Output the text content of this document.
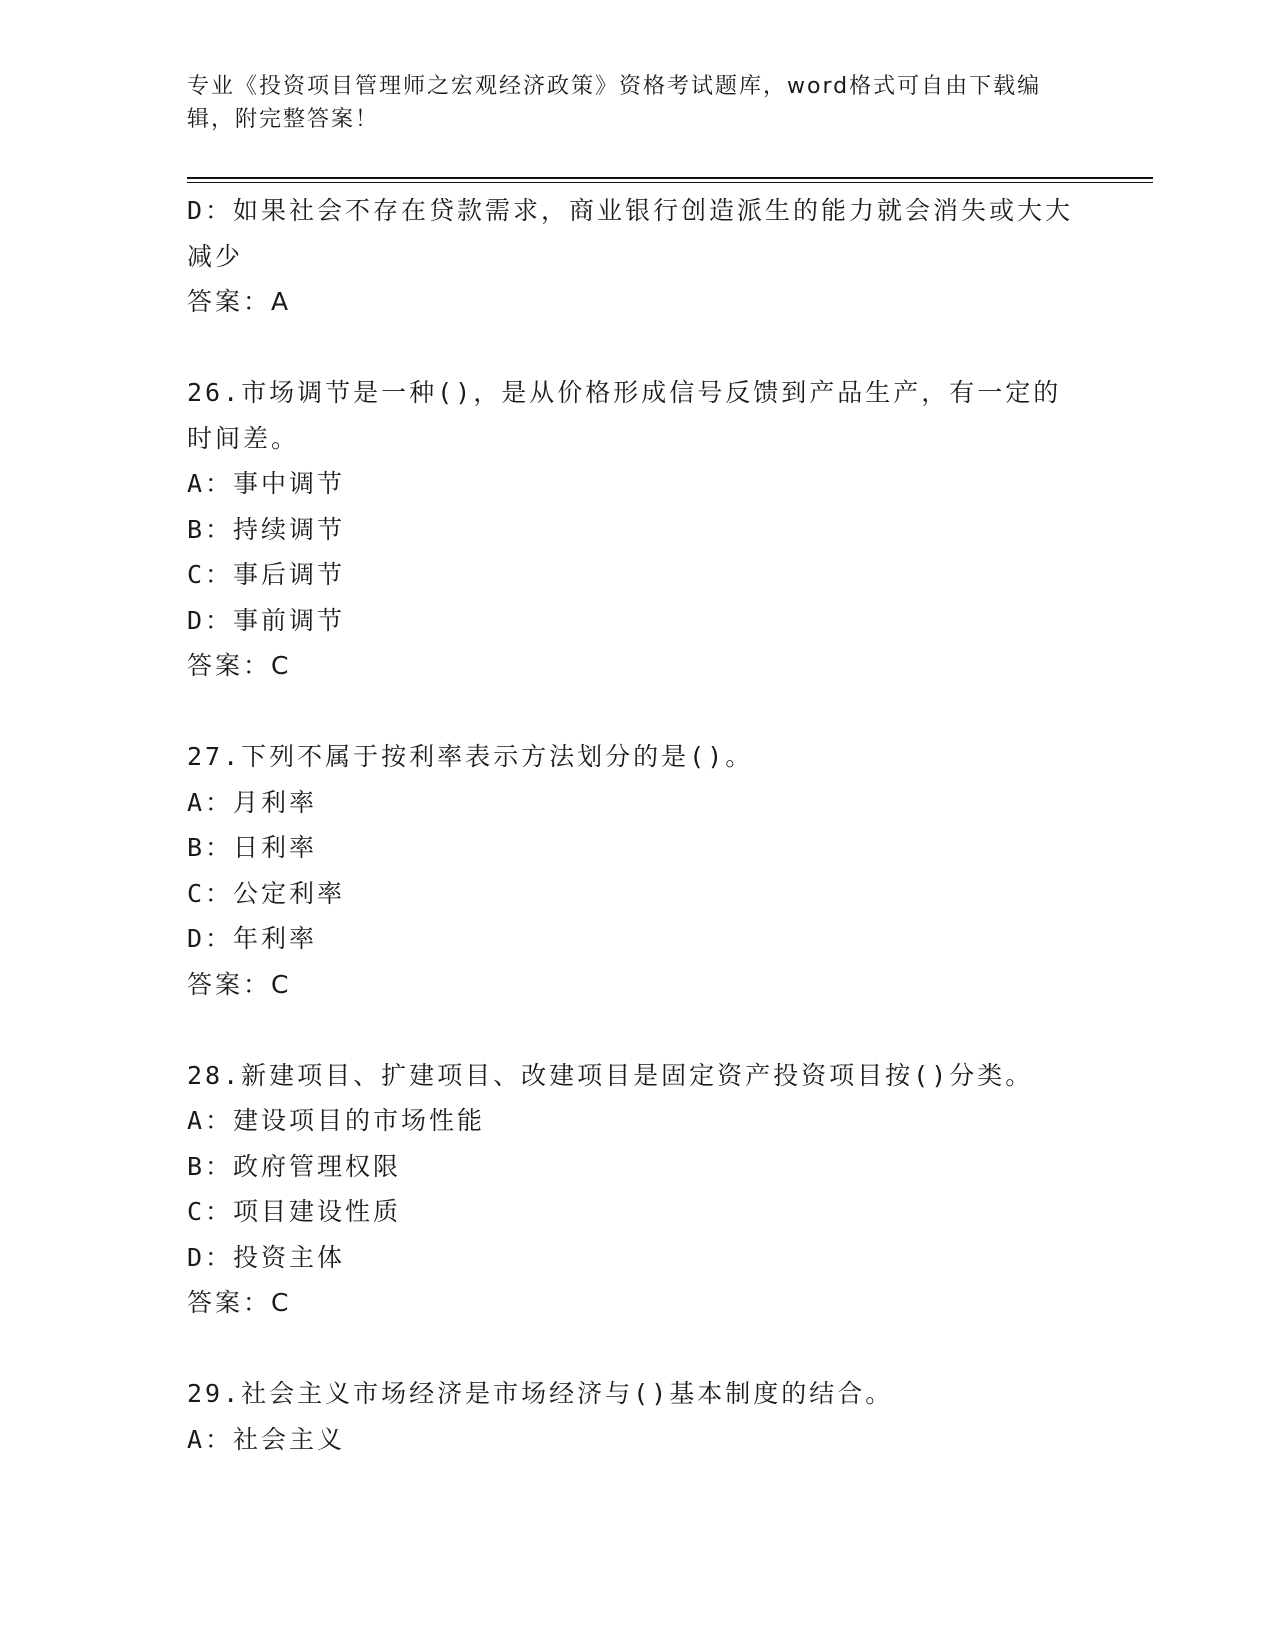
专业《投资项目管理师之宏观经济政策》资格考试题库，word格式可自由下载编辑，附完整答案！
D：如果社会不存在贷款需求，商业银行创造派生的能力就会消失或大大减少
答案：A
26.市场调节是一种()，是从价格形成信号反馈到产品生产，有一定的时间差。
A：事中调节
B：持续调节
C：事后调节
D：事前调节
答案：C
27.下列不属于按利率表示方法划分的是()。
A：月利率
B：日利率
C：公定利率
D：年利率
答案：C
28.新建项目、扩建项目、改建项目是固定资产投资项目按()分类。
A：建设项目的市场性能
B：政府管理权限
C：项目建设性质
D：投资主体
答案：C
29.社会主义市场经济是市场经济与()基本制度的结合。
A：社会主义
